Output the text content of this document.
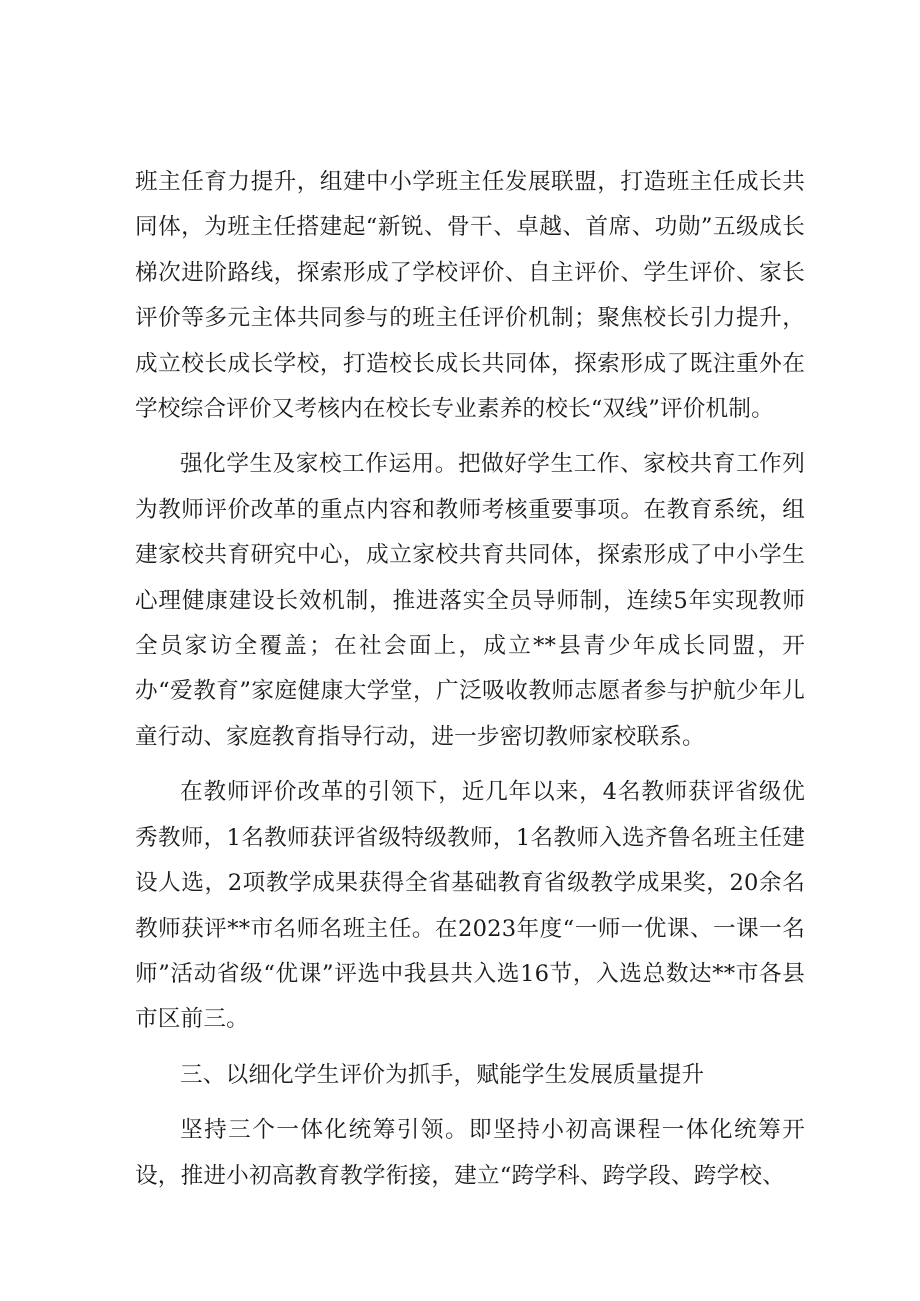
班主任育力提升，组建中小学班主任发展联盟，打造班主任成长共同体，为班主任搭建起“新锐、骨干、卓越、首席、功勋”五级成长梯次进阶路线，探索形成了学校评价、自主评价、学生评价、家长评价等多元主体共同参与的班主任评价机制；聚焦校长引力提升，成立校长成长学校，打造校长成长共同体，探索形成了既注重外在学校综合评价又考核内在校长专业素养的校长“双线”评价机制。

强化学生及家校工作运用。把做好学生工作、家校共育工作列为教师评价改革的重点内容和教师考核重要事项。在教育系统，组建家校共育研究中心，成立家校共育共同体，探索形成了中小学生心理健康建设长效机制，推进落实全员导师制，连续5年实现教师全员家访全覆盖；在社会面上，成立**县青少年成长同盟，开办“爱教育”家庭健康大学堂，广泛吸收教师志愿者参与护航少年儿童行动、家庭教育指导行动，进一步密切教师家校联系。

在教师评价改革的引领下，近几年以来，4名教师获评省级优秀教师，1名教师获评省级特级教师，1名教师入选齐鲁名班主任建设人选，2项教学成果获得全省基础教育省级教学成果奖，20余名教师获评**市名师名班主任。在2023年度“一师一优课、一课一名师”活动省级“优课”评选中我县共入选16节，入选总数达**市各县市区前三。

三、以细化学生评价为抓手，赋能学生发展质量提升

坚持三个一体化统筹引领。即坚持小初高课程一体化统筹开设，推进小初高教育教学衔接，建立“跨学科、跨学段、跨学校、
